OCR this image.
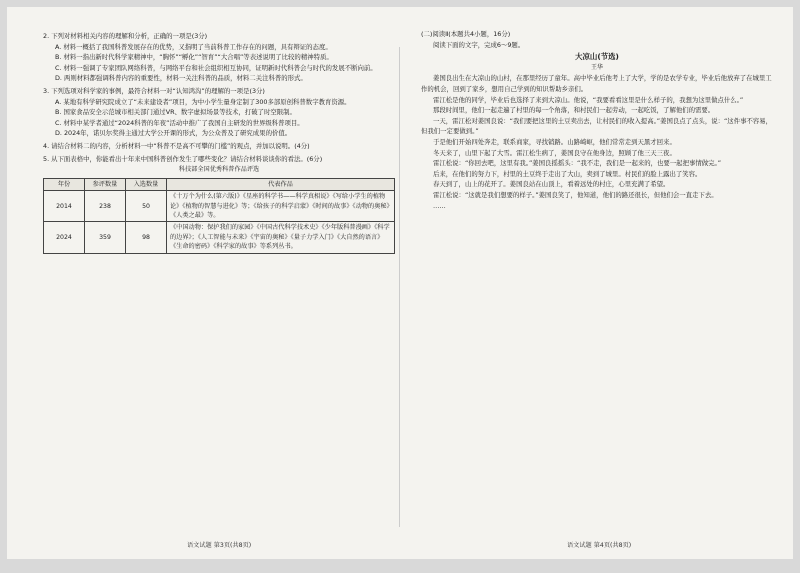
2. 下列对材料相关内容的理解和分析，正确的一项是(3分)

A. 材料一概括了我国科普发展存在的优势，又指明了当前科普工作存在的问题，具有辩证的态度。

B. 材料一指出新时代科学家精神中，“胸怀”“孵化”“智育”“大合唱”等表述说明了比较的精神特质。

C. 材料一强调了专家团队网络科普，与网络平台和社会组织相互协同，证明新时代科普会与时代的发展不断向前。

D. 两则材料都强调科普内容的重要性，材料一关注科普的品质，材料二关注科普的形式。

3. 下列选项对科学家的事例，最符合材料一对“认知鸿沟”的理解的一项是(3分)

A. 某地有科学研究院成立了“未来建设者”项目，为中小学生量身定制了300多部原创科普数字教育资源。

B. 国家食品安全示范城市相关部门通过VR、数字虚拟场景等技术，打破了时空限制。

C. 材料中某学者通过“2024科普的年夜”活动中推广了我国自主研发的世界级科普项目。

D. 2024年，诺贝尔奖得主通过大学公开课的形式，为公众普及了研究成果的价值。

4. 请结合材料二的内容，分析材料一中“科普不是高不可攀的门槛”的观点，并加以说明。(4分)

5. 从下面表格中，你能看出十年来中国科普创作发生了哪些变化？请结合材料谈谈你的看法。(6分)

科技部全国优秀科普作品评选

年份	参评数量	入选数量	代表作品
2014	238	50	《十万个为什么(第六版)》《星座的科学书——科学真相说》《写给小学生的植物论》《植物的智慧与进化》等；《给孩子的科学启蒙》《时间的故事》《动物的奥秘》《人类之最》等。
2024	359	98	《中国动物：保护我们的家园》《中国古代科学技术史》《少年版科普漫画》《科学的边界》；《人工智能与未来》《宇宙的奥秘》《量子力学入门》《大自然的语言》《生命的密码》《科学家的故事》等系列丛书。

(二)阅读Ⅱ(本题共4小题，16分)

阅读下面的文字，完成6～9题。

大凉山(节选)

王华

姜国良出生在大凉山的山村，在那里经历了童年。高中毕业后他考上了大学，学的是农学专业，毕业后他放弃了在城里工作的机会，回到了家乡，想用自己学到的知识帮助乡亲们。

雷江松是他的同学，毕业后也选择了来到大凉山。他说，“我要看看这里是什么样子的，我想为这里做点什么。”

那段时间里，他们一起走遍了村里的每一个角落，和村民们一起劳动，一起吃饭，了解他们的需要。

一天，雷江松对姜国良说：“我们要把这里的土豆卖出去，让村民们的收入提高。”姜国良点了点头，说：“这件事不容易，但我们一定要做到。”

于是他们开始四处奔走，联系商家，寻找销路。山路崎岖，他们常常走到天黑才回来。

冬天来了，山里下起了大雪。雷江松生病了，姜国良守在他身边，照顾了他三天三夜。

雷江松说：“你回去吧，这里有我。”姜国良摇摇头：“我不走，我们是一起来的，也要一起把事情做完。”

后来，在他们的努力下，村里的土豆终于走出了大山，卖到了城里。村民们的脸上露出了笑容。

春天到了，山上的花开了。姜国良站在山顶上，看着远处的村庄，心里充满了希望。

雷江松说：“这就是我们想要的样子。”姜国良笑了，他知道，他们的路还很长，但他们会一直走下去。

……

语文试题 第3页(共8页)	语文试题 第4页(共8页)
